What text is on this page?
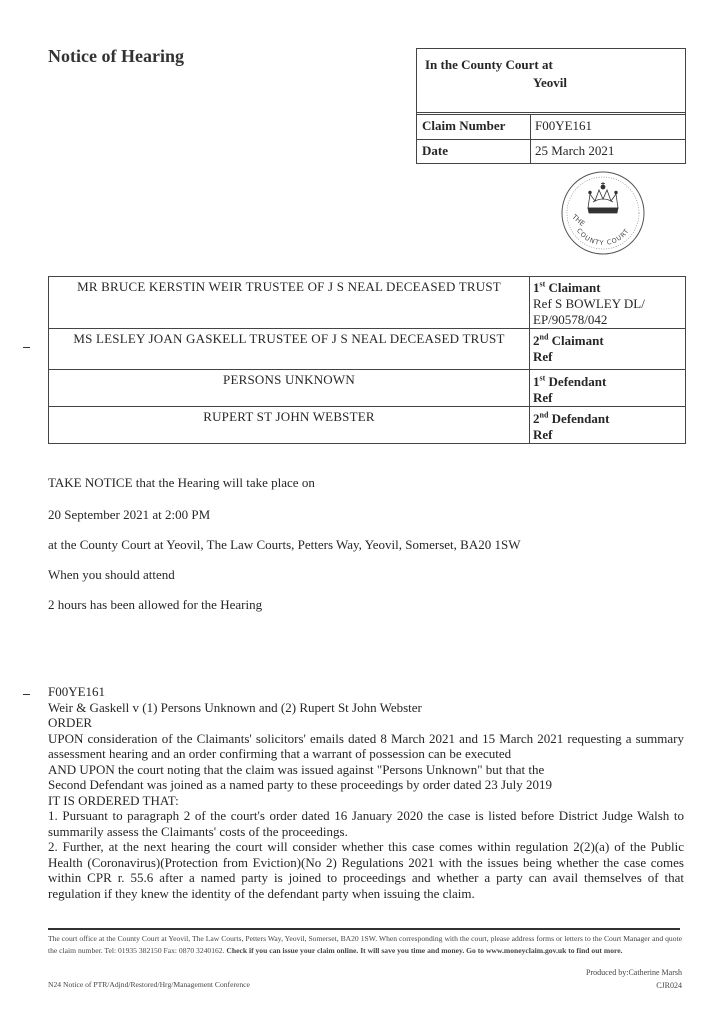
Notice of Hearing	In the County Court at
Yeovil
Claim Number	F00YE161
Date	25 March 2021
THE
COUNTY COURT
MR BRUCE KERSTIN WEIR TRUSTEE OF J S NEAL DECEASED TRUST	1st Claimant
Ref S BOWLEY DL/
EP/90578/042
MS LESLEY JOAN GASKELL TRUSTEE OF J S NEAL DECEASED TRUST	2nd Claimant
Ref
PERSONS UNKNOWN	1st Defendant
Ref
RUPERT ST JOHN WEBSTER	2nd Defendant
Ref
TAKE NOTICE that the Hearing will take place on
20 September 2021 at 2:00 PM
at the County Court at Yeovil, The Law Courts, Petters Way, Yeovil, Somerset, BA20 1SW
When you should attend
2 hours has been allowed for the Hearing

F00YE161

Weir & Gaskell v (1) Persons Unknown and (2) Rupert St John Webster

ORDER

UPON consideration of the Claimants' solicitors' emails dated 8 March 2021 and 15 March 2021 requesting a summary assessment hearing and an order confirming that a warrant of possession can be executed

AND UPON the court noting that the claim was issued against "Persons Unknown" but that the

Second Defendant was joined as a named party to these proceedings by order dated 23 July 2019

IT IS ORDERED THAT:

1. Pursuant to paragraph 2 of the court's order dated 16 January 2020 the case is listed before District Judge Walsh to summarily assess the Claimants' costs of the proceedings.

2. Further, at the next hearing the court will consider whether this case comes within regulation 2(2)(a) of the Public Health (Coronavirus)(Protection from Eviction)(No 2) Regulations 2021 with the issues being whether the case comes within CPR r. 55.6 after a named party is joined to proceedings and whether a party can avail themselves of that regulation if they knew the identity of the defendant party when issuing the claim.

The court office at the County Court at Yeovil, The Law Courts, Petters Way, Yeovil, Somerset, BA20 1SW. When corresponding with the court, please address forms or letters to the Court Manager and quote the claim number. Tel: 01935 382150 Fax: 0870 3240162. Check if you can issue your claim online. It will save you time and money. Go to www.moneyclaim.gov.uk to find out more.
Produced by:Catherine Marsh
CJR024
N24 Notice of PTR/Adjnd/Restored/Hrg/Management Conference
